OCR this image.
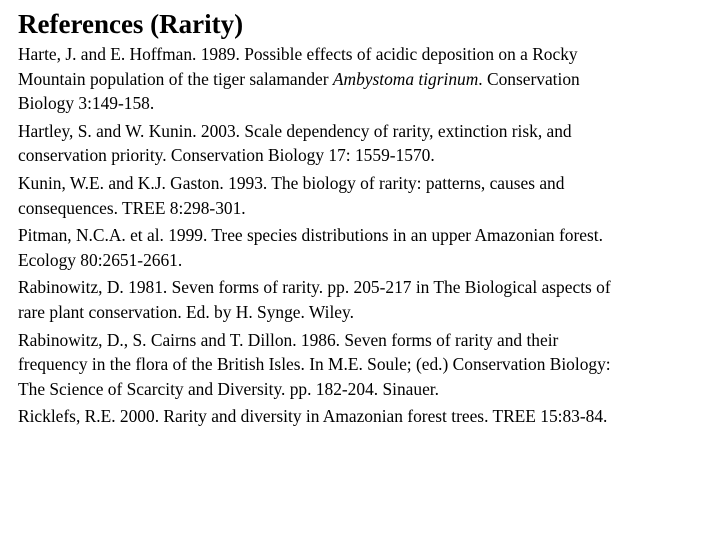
References (Rarity)
Harte, J. and E. Hoffman. 1989. Possible effects of acidic deposition on a Rocky
Mountain population of the tiger salamander Ambystoma tigrinum. Conservation
Biology 3:149-158.
Hartley, S. and W. Kunin. 2003. Scale dependency of rarity, extinction risk, and
conservation priority. Conservation Biology 17: 1559-1570.
Kunin, W.E. and K.J. Gaston. 1993. The biology of rarity: patterns, causes and
consequences. TREE 8:298-301.
Pitman, N.C.A. et al. 1999. Tree species distributions in an upper Amazonian forest.
Ecology 80:2651-2661.
Rabinowitz, D. 1981. Seven forms of rarity. pp. 205-217 in The Biological aspects of
rare plant conservation. Ed. by H. Synge. Wiley.
Rabinowitz, D., S. Cairns and T. Dillon. 1986. Seven forms of rarity and their
frequency in the flora of the British Isles. In M.E. Soule; (ed.) Conservation Biology:
The Science of Scarcity and Diversity. pp. 182-204. Sinauer.
Ricklefs, R.E. 2000. Rarity and diversity in Amazonian forest trees. TREE 15:83-84.
